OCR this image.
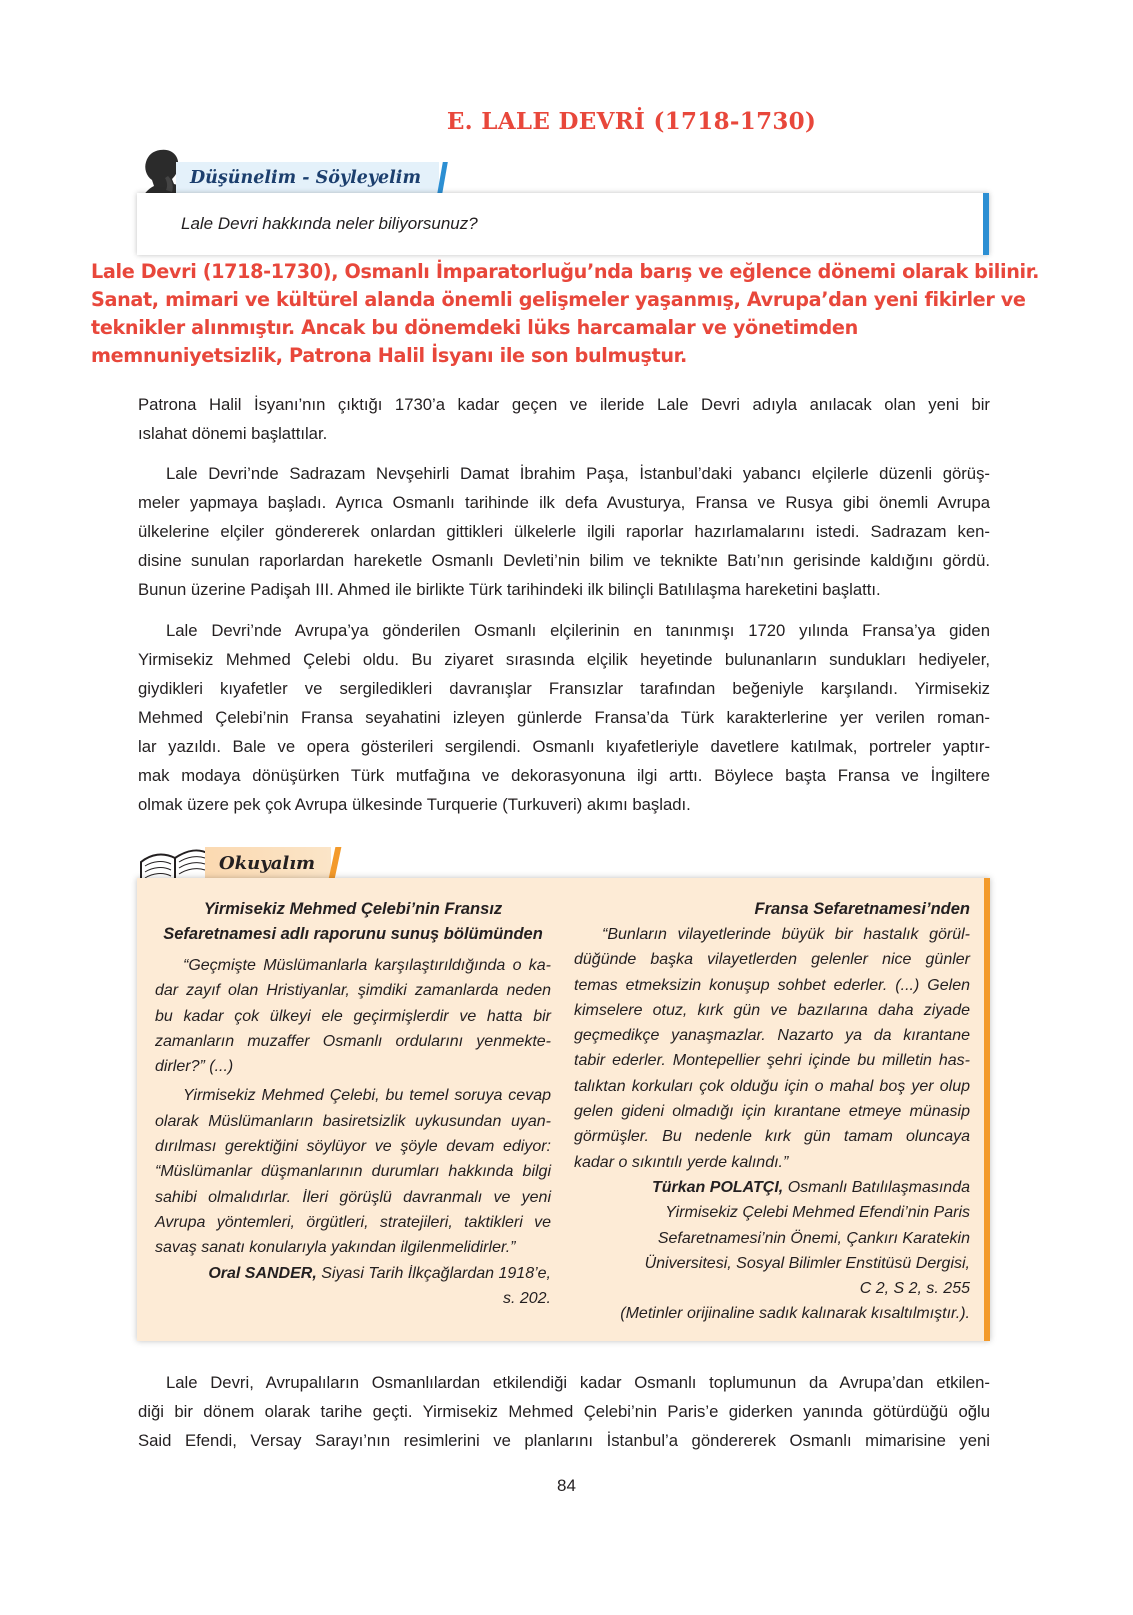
E. LALE DEVRİ (1718-1730)
Düşünelim - Söyleyelim
Lale Devri hakkında neler biliyorsunuz?
Lale Devri (1718-1730), Osmanlı İmparatorluğu’nda barış ve eğlence dönemi olarak bilinir.
Sanat, mimari ve kültürel alanda önemli gelişmeler yaşanmış, Avrupa’dan yeni fikirler ve
teknikler alınmıştır. Ancak bu dönemdeki lüks harcamalar ve yönetimden
memnuniyetsizlik, Patrona Halil İsyanı ile son bulmuştur.
Patrona Halil İsyanı’nın çıktığı 1730’a kadar geçen ve ileride Lale Devri adıyla anılacak olan yeni bir
ıslahat dönemi başlattılar.
Lale Devri’nde Sadrazam Nevşehirli Damat İbrahim Paşa, İstanbul’daki yabancı elçilerle düzenli görüş-
meler yapmaya başladı. Ayrıca Osmanlı tarihinde ilk defa Avusturya, Fransa ve Rusya gibi önemli Avrupa
ülkelerine elçiler göndererek onlardan gittikleri ülkelerle ilgili raporlar hazırlamalarını istedi. Sadrazam ken-
disine sunulan raporlardan hareketle Osmanlı Devleti’nin bilim ve teknikte Batı’nın gerisinde kaldığını gördü.
Bunun üzerine Padişah III. Ahmed ile birlikte Türk tarihindeki ilk bilinçli Batılılaşma hareketini başlattı.
Lale Devri’nde Avrupa’ya gönderilen Osmanlı elçilerinin en tanınmışı 1720 yılında Fransa’ya giden
Yirmisekiz Mehmed Çelebi oldu. Bu ziyaret sırasında elçilik heyetinde bulunanların sundukları hediyeler,
giydikleri kıyafetler ve sergiledikleri davranışlar Fransızlar tarafından beğeniyle karşılandı. Yirmisekiz
Mehmed Çelebi’nin Fransa seyahatini izleyen günlerde Fransa’da Türk karakterlerine yer verilen roman-
lar yazıldı. Bale ve opera gösterileri sergilendi. Osmanlı kıyafetleriyle davetlere katılmak, portreler yaptır-
mak modaya dönüşürken Türk mutfağına ve dekorasyonuna ilgi arttı. Böylece başta Fransa ve İngiltere
olmak üzere pek çok Avrupa ülkesinde Turquerie (Turkuveri) akımı başladı.
Okuyalım
Yirmisekiz Mehmed Çelebi’nin Fransız
Sefaretnamesi adlı raporunu sunuş bölümünden

“Geçmişte Müslümanlarla karşılaştırıldığında o ka-
dar zayıf olan Hristiyanlar, şimdiki zamanlarda neden
bu kadar çok ülkeyi ele geçirmişlerdir ve hatta bir
zamanların muzaffer Osmanlı ordularını yenmekte-
dirler?” (...)

Yirmisekiz Mehmed Çelebi, bu temel soruya cevap
olarak Müslümanların basiretsizlik uykusundan uyan-
dırılması gerektiğini söylüyor ve şöyle devam ediyor:
“Müslümanlar düşmanlarının durumları hakkında bilgi
sahibi olmalıdırlar. İleri görüşlü davranmalı ve yeni
Avrupa yöntemleri, örgütleri, stratejileri, taktikleri ve
savaş sanatı konularıyla yakından ilgilenmelidirler.”

Oral SANDER, Siyasi Tarih İlkçağlardan 1918’e,
s. 202.

Fransa Sefaretnamesi’nden

“Bunların vilayetlerinde büyük bir hastalık görül-
düğünde başka vilayetlerden gelenler nice günler
temas etmeksizin konuşup sohbet ederler. (...) Gelen
kimselere otuz, kırk gün ve bazılarına daha ziyade
geçmedikçe yanaşmazlar. Nazarto ya da kırantane
tabir ederler. Montepellier şehri içinde bu milletin has-
talıktan korkuları çok olduğu için o mahal boş yer olup
gelen gideni olmadığı için kırantane etmeye münasip
görmüşler. Bu nedenle kırk gün tamam oluncaya
kadar o sıkıntılı yerde kalındı.”

Türkan POLATÇI, Osmanlı Batılılaşmasında
Yirmisekiz Çelebi Mehmed Efendi’nin Paris
Sefaretnamesi’nin Önemi, Çankırı Karatekin
Üniversitesi, Sosyal Bilimler Enstitüsü Dergisi,
C 2, S 2, s. 255
(Metinler orijinaline sadık kalınarak kısaltılmıştır.).

Lale Devri, Avrupalıların Osmanlılardan etkilendiği kadar Osmanlı toplumunun da Avrupa’dan etkilen-
diği bir dönem olarak tarihe geçti. Yirmisekiz Mehmed Çelebi’nin Paris’e giderken yanında götürdüğü oğlu
Said Efendi, Versay Sarayı’nın resimlerini ve planlarını İstanbul’a göndererek Osmanlı mimarisine yeni
84
